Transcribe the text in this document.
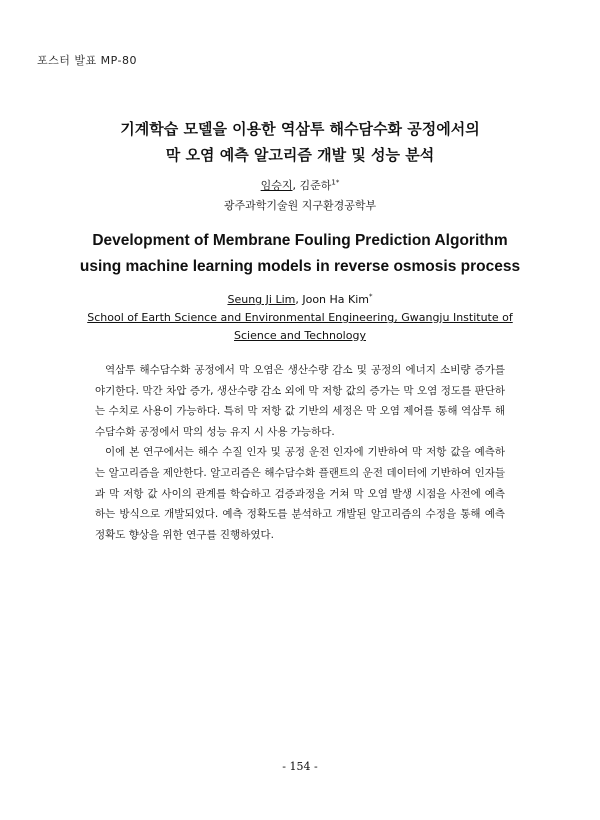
포스터 발표 MP-80
기계학습 모델을 이용한 역삼투 해수담수화 공정에서의
막 오염 예측 알고리즘 개발 및 성능 분석
임승지, 김준하$^{1*}$
광주과학기술원 지구환경공학부
Development of Membrane Fouling Prediction Algorithm
using machine learning models in reverse osmosis process
Seung Ji Lim, Joon Ha Kim*
School of Earth Science and Environmental Engineering, Gwangju Institute of
Science and Technology

역삼투 해수담수화 공정에서 막 오염은 생산수량 감소 및 공정의 에너지 소비량 증가를 야기한다. 막간 차압 증가, 생산수량 감소 외에 막 저항 값의 증가는 막 오염 정도를 판단하는 수치로 사용이 가능하다. 특히 막 저항 값 기반의 세정은 막 오염 제어를 통해 역삼투 해수담수화 공정에서 막의 성능 유지 시 사용 가능하다.

이에 본 연구에서는 해수 수질 인자 및 공정 운전 인자에 기반하여 막 저항 값을 예측하는 알고리즘을 제안한다. 알고리즘은 해수담수화 플랜트의 운전 데이터에 기반하여 인자들과 막 저항 값 사이의 관계를 학습하고 검증과정을 거쳐 막 오염 발생 시점을 사전에 예측하는 방식으로 개발되었다. 예측 정확도를 분석하고 개발된 알고리즘의 수정을 통해 예측 정확도 향상을 위한 연구를 진행하였다.

- 154 -
